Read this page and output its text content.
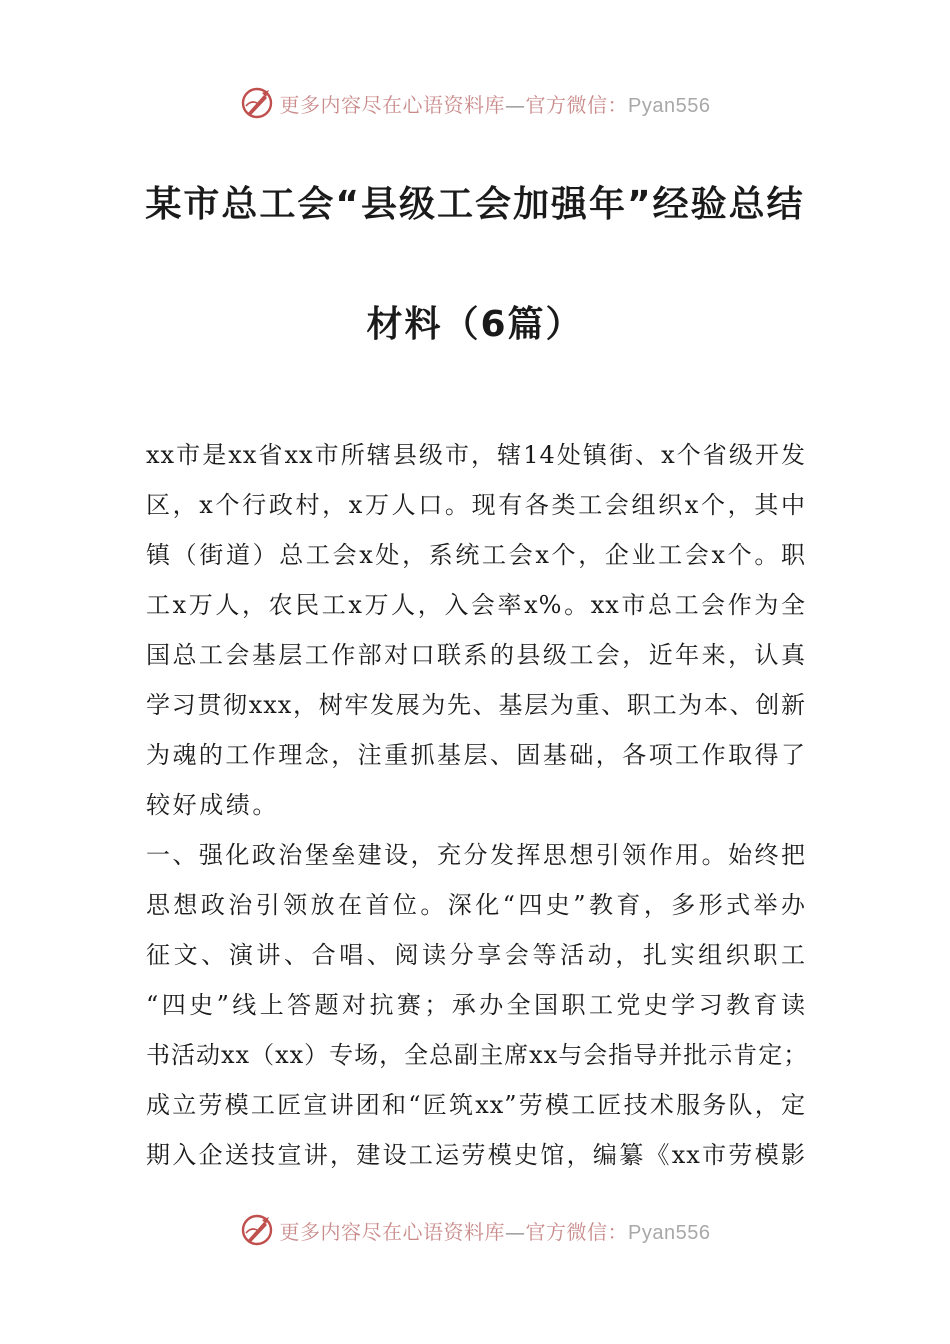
更多内容尽在心语资料库—官方微信：Pyan556
某市总工会“县级工会加强年”经验总结
材料（6篇）
xx市是xx省xx市所辖县级市，辖14处镇街、x个省级开发
区，x个行政村，x万人口。现有各类工会组织x个，其中
镇（街道）总工会x处，系统工会x个，企业工会x个。职
工x万人，农民工x万人，入会率x%。xx市总工会作为全
国总工会基层工作部对口联系的县级工会，近年来，认真
学习贯彻xxx，树牢发展为先、基层为重、职工为本、创新
为魂的工作理念，注重抓基层、固基础，各项工作取得了
较好成绩。
一、强化政治堡垒建设，充分发挥思想引领作用。始终把
思想政治引领放在首位。深化“四史”教育，多形式举办
征文、演讲、合唱、阅读分享会等活动，扎实组织职工
“四史”线上答题对抗赛；承办全国职工党史学习教育读
书活动xx（xx）专场，全总副主席xx与会指导并批示肯定；
成立劳模工匠宣讲团和“匠筑xx”劳模工匠技术服务队，定
期入企送技宣讲，建设工运劳模史馆，编纂《xx市劳模影
更多内容尽在心语资料库—官方微信：Pyan556
